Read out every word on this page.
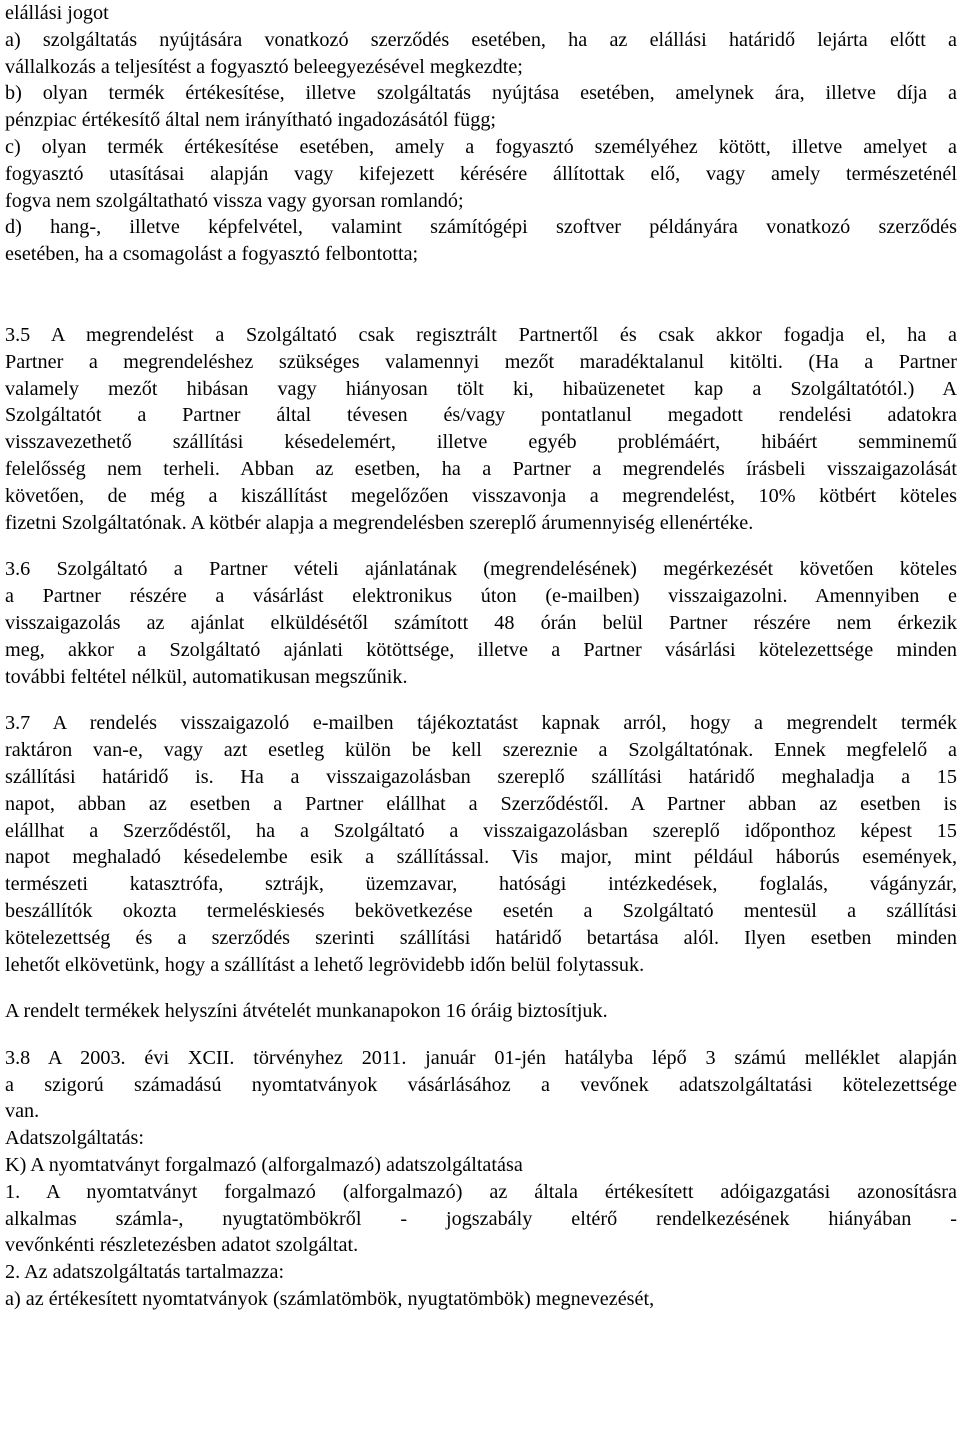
elállási jogot
a) szolgáltatás nyújtására vonatkozó szerződés esetében, ha az elállási határidő lejárta előtt a
vállalkozás a teljesítést a fogyasztó beleegyezésével megkezdte;
b) olyan termék értékesítése, illetve szolgáltatás nyújtása esetében, amelynek ára, illetve díja a
pénzpiac értékesítő által nem irányítható ingadozásától függ;
c) olyan termék értékesítése esetében, amely a fogyasztó személyéhez kötött, illetve amelyet a
fogyasztó utasításai alapján vagy kifejezett kérésére állítottak elő, vagy amely természeténél
fogva nem szolgáltatható vissza vagy gyorsan romlandó;
d) hang-, illetve képfelvétel, valamint számítógépi szoftver példányára vonatkozó szerződés
esetében, ha a csomagolást a fogyasztó felbontotta;
3.5 A megrendelést a Szolgáltató csak regisztrált Partnertől és csak akkor fogadja el, ha a
Partner a megrendeléshez szükséges valamennyi mezőt maradéktalanul kitölti. (Ha a Partner
valamely mezőt hibásan vagy hiányosan tölt ki, hibaüzenetet kap a Szolgáltatótól.) A
Szolgáltatót a Partner által tévesen és/vagy pontatlanul megadott rendelési adatokra
visszavezethető szállítási késedelemért, illetve egyéb problémáért, hibáért semminemű
felelősség nem terheli. Abban az esetben, ha a Partner a megrendelés írásbeli visszaigazolását
követően, de még a kiszállítást megelőzően visszavonja a megrendelést, 10% kötbért köteles
fizetni Szolgáltatónak. A kötbér alapja a megrendelésben szereplő árumennyiség ellenértéke.
3.6 Szolgáltató a Partner vételi ajánlatának (megrendelésének) megérkezését követően köteles
a Partner részére a vásárlást elektronikus úton (e-mailben) visszaigazolni. Amennyiben e
visszaigazolás az ajánlat elküldésétől számított 48 órán belül Partner részére nem érkezik
meg, akkor a Szolgáltató ajánlati kötöttsége, illetve a Partner vásárlási kötelezettsége minden
további feltétel nélkül, automatikusan megszűnik.
3.7 A rendelés visszaigazoló e-mailben tájékoztatást kapnak arról, hogy a megrendelt termék
raktáron van-e, vagy azt esetleg külön be kell szereznie a Szolgáltatónak. Ennek megfelelő a
szállítási határidő is. Ha a visszaigazolásban szereplő szállítási határidő meghaladja a 15
napot, abban az esetben a Partner elállhat a Szerződéstől. A Partner abban az esetben is
elállhat a Szerződéstől, ha a Szolgáltató a visszaigazolásban szereplő időponthoz képest 15
napot meghaladó késedelembe esik a szállítással. Vis major, mint például háborús események,
természeti katasztrófa, sztrájk, üzemzavar, hatósági intézkedések, foglalás, vágányzár,
beszállítók okozta termeléskiesés bekövetkezése esetén a Szolgáltató mentesül a szállítási
kötelezettség és a szerződés szerinti szállítási határidő betartása alól. Ilyen esetben minden
lehetőt elkövetünk, hogy a szállítást a lehető legrövidebb időn belül folytassuk.
A rendelt termékek helyszíni átvételét munkanapokon 16 óráig biztosítjuk.
3.8 A 2003. évi XCII. törvényhez 2011. január 01-jén hatályba lépő 3 számú melléklet alapján
a szigorú számadású nyomtatványok vásárlásához a vevőnek adatszolgáltatási kötelezettsége
van.
Adatszolgáltatás:
K) A nyomtatványt forgalmazó (alforgalmazó) adatszolgáltatása
1. A nyomtatványt forgalmazó (alforgalmazó) az általa értékesített adóigazgatási azonosításra
alkalmas számla-, nyugtatömbökről - jogszabály eltérő rendelkezésének hiányában -
vevőnkénti részletezésben adatot szolgáltat.
2. Az adatszolgáltatás tartalmazza:
a) az értékesített nyomtatványok (számlatömbök, nyugtatömbök) megnevezését,
